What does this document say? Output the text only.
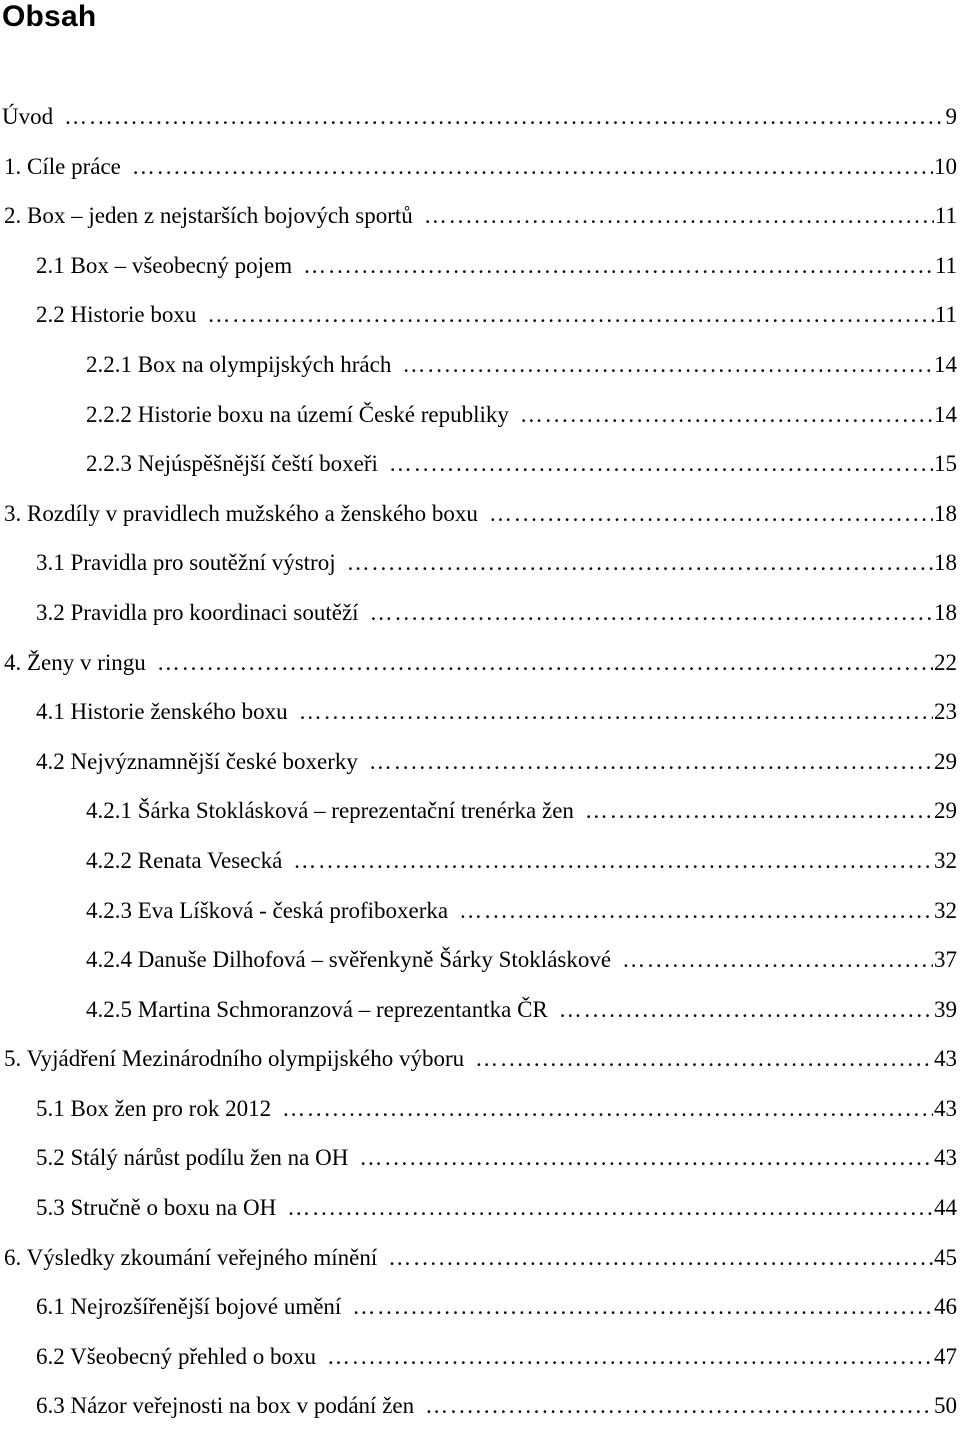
Obsah
Úvod … . . . . . . . . . . . . . . . . . . . . . . . . . . . . . . . . . . . . . . . . . . . . . . . . . . . . . . . . . . . . . . . . . . . . . . . . . . . . . . . . . . . . . . . . . . . . . . . . . . . . . . . . . . . . . . . . . . . . . . . . . . . . . . . . . . . . . . . . . . . . .	9
1. Cíle práce … . . . . . . . . . . . . . . . . . . . . . . . . . . . . . . . . . . . . . . . . . . . . . . . . . . . . . . . . . . . . . . . . . . . . . . . . . . . . . . . . . . . . . . . . . . . . . . . . . . . . . . . . . . . . . . . . . . . . . . . . . . . . . . . . . . . . . . . . . . . . .	10
2. Box – jeden z nejstarších bojových sportů … . . . . . . . . . . . . . . . . . . . . . . . . . . . . . . . . . . . . . . . . . . . . . . . . . . . . . . . . . . . . . . . . . . . . . . . . . . . . . . . . . . . . . . . . . . . . . . . . . . . . . . . . . . . . . . . . . . . . . . . . . . . . . . . . . . . . . . . . . . . . .	11
2.1 Box – všeobecný pojem … . . . . . . . . . . . . . . . . . . . . . . . . . . . . . . . . . . . . . . . . . . . . . . . . . . . . . . . . . . . . . . . . . . . . . . . . . . . . . . . . . . . . . . . . . . . . . . . . . . . . . . . . . . . . . . . . . . . . . . . . . . . . . . . . . . . . . . . . . . . . .	11
2.2 Historie boxu … . . . . . . . . . . . . . . . . . . . . . . . . . . . . . . . . . . . . . . . . . . . . . . . . . . . . . . . . . . . . . . . . . . . . . . . . . . . . . . . . . . . . . . . . . . . . . . . . . . . . . . . . . . . . . . . . . . . . . . . . . . . . . . . . . . . . . . . . . . . . .	11
2.2.1 Box na olympijských hrách … . . . . . . . . . . . . . . . . . . . . . . . . . . . . . . . . . . . . . . . . . . . . . . . . . . . . . . . . . . . . . . . . . . . . . . . . . . . . . . . . . . . . . . . . . . . . . . . . . . . . . . . . . . . . . . . . . . . . . . . . . . . . . . . . . . . . . . . . . . . . .	14
2.2.2 Historie boxu na území České republiky … . . . . . . . . . . . . . . . . . . . . . . . . . . . . . . . . . . . . . . . . . . . . . . . . . . . . . . . . . . . . . . . . . . . . . . . . . . . . . . . . . . . . . . . . . . . . . . . . . . . . . . . . . . . . . . . . . . . . . . . . . . . . . . . . . . . . . . . . . . . . .	14
2.2.3 Nejúspěšnější čeští boxeři … . . . . . . . . . . . . . . . . . . . . . . . . . . . . . . . . . . . . . . . . . . . . . . . . . . . . . . . . . . . . . . . . . . . . . . . . . . . . . . . . . . . . . . . . . . . . . . . . . . . . . . . . . . . . . . . . . . . . . . . . . . . . . . . . . . . . . . . . . . . . .	15
3. Rozdíly v pravidlech mužského a ženského boxu … . . . . . . . . . . . . . . . . . . . . . . . . . . . . . . . . . . . . . . . . . . . . . . . . . . . . . . . . . . . . . . . . . . . . . . . . . . . . . . . . . . . . . . . . . . . . . . . . . . . . . . . . . . . . . . . . . . . . . . . . . . . . . . . . . . . . . . . . . . . . .	18
3.1 Pravidla pro soutěžní výstroj … . . . . . . . . . . . . . . . . . . . . . . . . . . . . . . . . . . . . . . . . . . . . . . . . . . . . . . . . . . . . . . . . . . . . . . . . . . . . . . . . . . . . . . . . . . . . . . . . . . . . . . . . . . . . . . . . . . . . . . . . . . . . . . . . . . . . . . . . . . . . .	18
3.2 Pravidla pro koordinaci soutěží … . . . . . . . . . . . . . . . . . . . . . . . . . . . . . . . . . . . . . . . . . . . . . . . . . . . . . . . . . . . . . . . . . . . . . . . . . . . . . . . . . . . . . . . . . . . . . . . . . . . . . . . . . . . . . . . . . . . . . . . . . . . . . . . . . . . . . . . . . . . . .	18
4. Ženy v ringu … . . . . . . . . . . . . . . . . . . . . . . . . . . . . . . . . . . . . . . . . . . . . . . . . . . . . . . . . . . . . . . . . . . . . . . . . . . . . . . . . . . . . . . . . . . . . . . . . . . . . . . . . . . . . . . . . . . . . . . . . . . . . . . . . . . . . . . . . . . . . .	22
4.1 Historie ženského boxu … . . . . . . . . . . . . . . . . . . . . . . . . . . . . . . . . . . . . . . . . . . . . . . . . . . . . . . . . . . . . . . . . . . . . . . . . . . . . . . . . . . . . . . . . . . . . . . . . . . . . . . . . . . . . . . . . . . . . . . . . . . . . . . . . . . . . . . . . . . . . .	23
4.2 Nejvýznamnější české boxerky … . . . . . . . . . . . . . . . . . . . . . . . . . . . . . . . . . . . . . . . . . . . . . . . . . . . . . . . . . . . . . . . . . . . . . . . . . . . . . . . . . . . . . . . . . . . . . . . . . . . . . . . . . . . . . . . . . . . . . . . . . . . . . . . . . . . . . . . . . . . . .	29
4.2.1 Šárka Stoklásková – reprezentační trenérka žen … . . . . . . . . . . . . . . . . . . . . . . . . . . . . . . . . . . . . . . . . . . . . . . . . . . . . . . . . . . . . . . . . . . . . . . . . . . . . . . . . . . . . . . . . . . . . . . . . . . . . . . . . . . . . . . . . . . . . . . . . . . . . . . . . . . . . . . . . . . . . .	29
4.2.2 Renata Vesecká … . . . . . . . . . . . . . . . . . . . . . . . . . . . . . . . . . . . . . . . . . . . . . . . . . . . . . . . . . . . . . . . . . . . . . . . . . . . . . . . . . . . . . . . . . . . . . . . . . . . . . . . . . . . . . . . . . . . . . . . . . . . . . . . . . . . . . . . . . . . . .	32
4.2.3 Eva Líšková - česká profiboxerka … . . . . . . . . . . . . . . . . . . . . . . . . . . . . . . . . . . . . . . . . . . . . . . . . . . . . . . . . . . . . . . . . . . . . . . . . . . . . . . . . . . . . . . . . . . . . . . . . . . . . . . . . . . . . . . . . . . . . . . . . . . . . . . . . . . . . . . . . . . . . .	32
4.2.4 Danuše Dilhofová – svěřenkyně Šárky Stokláskové … . . . . . . . . . . . . . . . . . . . . . . . . . . . . . . . . . . . . . . . . . . . . . . . . . . . . . . . . . . . . . . . . . . . . . . . . . . . . . . . . . . . . . . . . . . . . . . . . . . . . . . . . . . . . . . . . . . . . . . . . . . . . . . . . . . . . . . . . . . . . .	37
4.2.5 Martina Schmoranzová – reprezentantka ČR … . . . . . . . . . . . . . . . . . . . . . . . . . . . . . . . . . . . . . . . . . . . . . . . . . . . . . . . . . . . . . . . . . . . . . . . . . . . . . . . . . . . . . . . . . . . . . . . . . . . . . . . . . . . . . . . . . . . . . . . . . . . . . . . . . . . . . . . . . . . . .	39
5. Vyjádření Mezinárodního olympijského výboru … . . . . . . . . . . . . . . . . . . . . . . . . . . . . . . . . . . . . . . . . . . . . . . . . . . . . . . . . . . . . . . . . . . . . . . . . . . . . . . . . . . . . . . . . . . . . . . . . . . . . . . . . . . . . . . . . . . . . . . . . . . . . . . . . . . . . . . . . . . . . .	43
5.1 Box žen pro rok 2012 … . . . . . . . . . . . . . . . . . . . . . . . . . . . . . . . . . . . . . . . . . . . . . . . . . . . . . . . . . . . . . . . . . . . . . . . . . . . . . . . . . . . . . . . . . . . . . . . . . . . . . . . . . . . . . . . . . . . . . . . . . . . . . . . . . . . . . . . . . . . . .	43
5.2 Stálý nárůst podílu žen na OH … . . . . . . . . . . . . . . . . . . . . . . . . . . . . . . . . . . . . . . . . . . . . . . . . . . . . . . . . . . . . . . . . . . . . . . . . . . . . . . . . . . . . . . . . . . . . . . . . . . . . . . . . . . . . . . . . . . . . . . . . . . . . . . . . . . . . . . . . . . . . .	43
5.3 Stručně o boxu na OH … . . . . . . . . . . . . . . . . . . . . . . . . . . . . . . . . . . . . . . . . . . . . . . . . . . . . . . . . . . . . . . . . . . . . . . . . . . . . . . . . . . . . . . . . . . . . . . . . . . . . . . . . . . . . . . . . . . . . . . . . . . . . . . . . . . . . . . . . . . . . .	44
6. Výsledky zkoumání veřejného mínění … . . . . . . . . . . . . . . . . . . . . . . . . . . . . . . . . . . . . . . . . . . . . . . . . . . . . . . . . . . . . . . . . . . . . . . . . . . . . . . . . . . . . . . . . . . . . . . . . . . . . . . . . . . . . . . . . . . . . . . . . . . . . . . . . . . . . . . . . . . . . .	45
6.1 Nejrozšířenější bojové umění … . . . . . . . . . . . . . . . . . . . . . . . . . . . . . . . . . . . . . . . . . . . . . . . . . . . . . . . . . . . . . . . . . . . . . . . . . . . . . . . . . . . . . . . . . . . . . . . . . . . . . . . . . . . . . . . . . . . . . . . . . . . . . . . . . . . . . . . . . . . . .	46
6.2 Všeobecný přehled o boxu … . . . . . . . . . . . . . . . . . . . . . . . . . . . . . . . . . . . . . . . . . . . . . . . . . . . . . . . . . . . . . . . . . . . . . . . . . . . . . . . . . . . . . . . . . . . . . . . . . . . . . . . . . . . . . . . . . . . . . . . . . . . . . . . . . . . . . . . . . . . . .	47
6.3 Názor veřejnosti na box v podání žen … . . . . . . . . . . . . . . . . . . . . . . . . . . . . . . . . . . . . . . . . . . . . . . . . . . . . . . . . . . . . . . . . . . . . . . . . . . . . . . . . . . . . . . . . . . . . . . . . . . . . . . . . . . . . . . . . . . . . . . . . . . . . . . . . . . . . . . . . . . . . .	50
